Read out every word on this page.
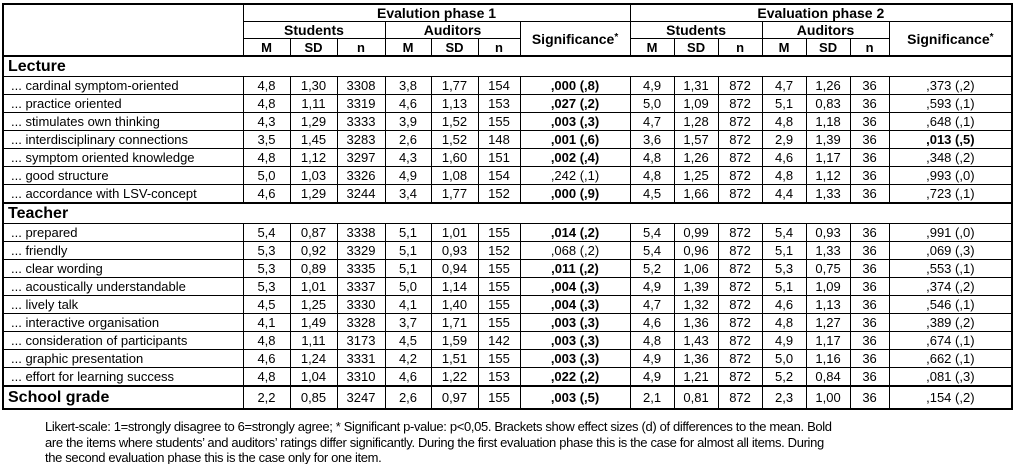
	Evalution phase 1							Evaluation phase 2						
	Students			Auditors			Significance*	Students			Auditors			Significance*
	M	SD	n	M	SD	n		M	SD	n	M	SD	n	
Lecture														
... cardinal symptom-oriented	4,8	1,30	3308	3,8	1,77	154	,000 (,8)	4,9	1,31	872	4,7	1,26	36	,373 (,2)
... practice oriented	4,8	1,11	3319	4,6	1,13	153	,027 (,2)	5,0	1,09	872	5,1	0,83	36	,593 (,1)
... stimulates own thinking	4,3	1,29	3333	3,9	1,52	155	,003 (,3)	4,7	1,28	872	4,8	1,18	36	,648 (,1)
... interdisciplinary connections	3,5	1,45	3283	2,6	1,52	148	,001 (,6)	3,6	1,57	872	2,9	1,39	36	,013 (,5)
... symptom oriented knowledge	4,8	1,12	3297	4,3	1,60	151	,002 (,4)	4,8	1,26	872	4,6	1,17	36	,348 (,2)
... good structure	5,0	1,03	3326	4,9	1,08	154	,242 (,1)	4,8	1,25	872	4,8	1,12	36	,993 (,0)
... accordance with LSV-concept	4,6	1,29	3244	3,4	1,77	152	,000 (,9)	4,5	1,66	872	4,4	1,33	36	,723 (,1)
Teacher														
... prepared	5,4	0,87	3338	5,1	1,01	155	,014 (,2)	5,4	0,99	872	5,4	0,93	36	,991 (,0)
... friendly	5,3	0,92	3329	5,1	0,93	152	,068 (,2)	5,4	0,96	872	5,1	1,33	36	,069 (,3)
... clear wording	5,3	0,89	3335	5,1	0,94	155	,011 (,2)	5,2	1,06	872	5,3	0,75	36	,553 (,1)
... acoustically understandable	5,3	1,01	3337	5,0	1,14	155	,004 (,3)	4,9	1,39	872	5,1	1,09	36	,374 (,2)
... lively talk	4,5	1,25	3330	4,1	1,40	155	,004 (,3)	4,7	1,32	872	4,6	1,13	36	,546 (,1)
... interactive organisation	4,1	1,49	3328	3,7	1,71	155	,003 (,3)	4,6	1,36	872	4,8	1,27	36	,389 (,2)
... consideration of participants	4,8	1,11	3173	4,5	1,59	142	,003 (,3)	4,8	1,43	872	4,9	1,17	36	,674 (,1)
... graphic presentation	4,6	1,24	3331	4,2	1,51	155	,003 (,3)	4,9	1,36	872	5,0	1,16	36	,662 (,1)
... effort for learning success	4,8	1,04	3310	4,6	1,22	153	,022 (,2)	4,9	1,21	872	5,2	0,84	36	,081 (,3)
School grade	2,2	0,85	3247	2,6	0,97	155	,003 (,5)	2,1	0,81	872	2,3	1,00	36	,154 (,2)
Likert-scale: 1=strongly disagree to 6=strongly agree; * Significant p-value: p<0,05. Brackets show effect sizes (d) of differences to the mean. Bold
are the items where students’ and auditors’ ratings differ significantly. During the first evaluation phase this is the case for almost all items. During
the second evaluation phase this is the case only for one item.
